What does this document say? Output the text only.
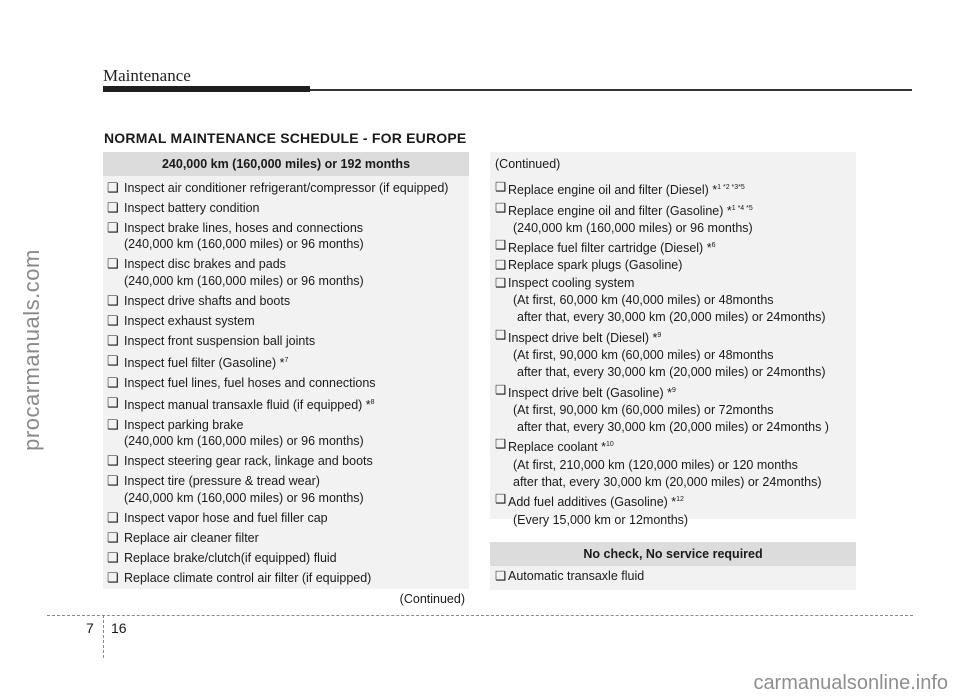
Maintenance
procarmanuals.com
NORMAL MAINTENANCE SCHEDULE - FOR EUROPE
240,000 km (160,000 miles) or 192 months
❑ Inspect air conditioner refrigerant/compressor (if equipped)
❑ Inspect battery condition
❑ Inspect brake lines, hoses and connections
(240,000 km (160,000 miles) or 96 months)
❑ Inspect disc brakes and pads
(240,000 km (160,000 miles) or 96 months)
❑ Inspect drive shafts and boots
❑ Inspect exhaust system
❑ Inspect front suspension ball joints
❑ Inspect fuel filter (Gasoline) *$^7$
❑ Inspect fuel lines, fuel hoses and connections
❑ Inspect manual transaxle fluid (if equipped) *$^8$
❑ Inspect parking brake
(240,000 km (160,000 miles) or 96 months)
❑ Inspect steering gear rack, linkage and boots
❑ Inspect tire (pressure & tread wear)
(240,000 km (160,000 miles) or 96 months)
❑ Inspect vapor hose and fuel filler cap
❑ Replace air cleaner filter
❑ Replace brake/clutch(if equipped) fluid
❑ Replace climate control air filter (if equipped)
(Continued)
(Continued)
❑ Replace engine oil and filter (Diesel) *$^{1 *2 *3*5}$
❑ Replace engine oil and filter (Gasoline) *$^{1 *4 *5}$
(240,000 km (160,000 miles) or 96 months)
❑ Replace fuel filter cartridge (Diesel) *$^6$
❑ Replace spark plugs (Gasoline)
❑ Inspect cooling system
(At first, 60,000 km (40,000 miles) or 48months
after that, every 30,000 km (20,000 miles) or 24months)
❑ Inspect drive belt (Diesel) *$^9$
(At first, 90,000 km (60,000 miles) or 48months
after that, every 30,000 km (20,000 miles) or 24months)
❑ Inspect drive belt (Gasoline) *$^9$
(At first, 90,000 km (60,000 miles) or 72months
after that, every 30,000 km (20,000 miles) or 24months )
❑ Replace coolant *$^{10}$
(At first, 210,000 km (120,000 miles) or 120 months
after that, every 30,000 km (20,000 miles) or 24months)
❑ Add fuel additives (Gasoline) *$^{12}$
(Every 15,000 km or 12months)
No check, No service required
❑ Automatic transaxle fluid
7 16
carmanualsonline.info
